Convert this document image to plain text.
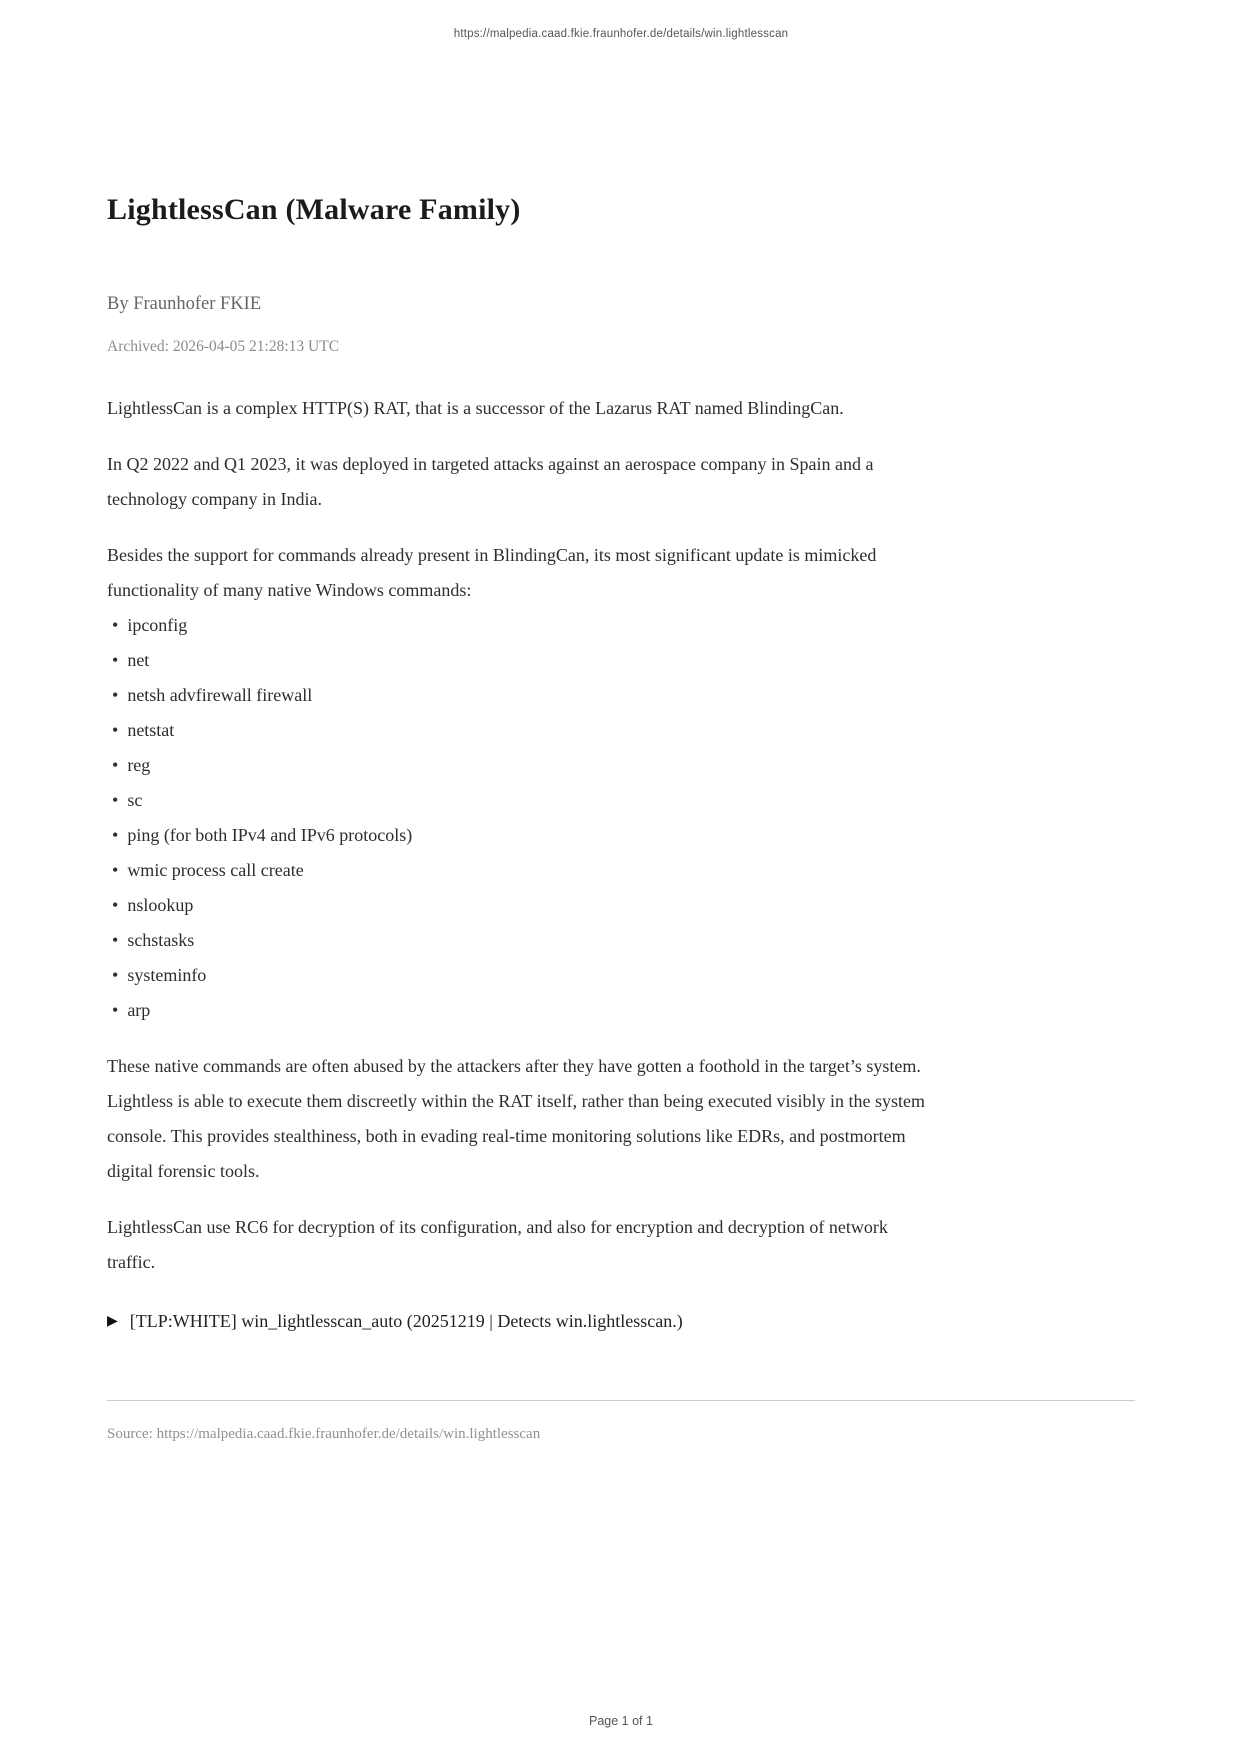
https://malpedia.caad.fkie.fraunhofer.de/details/win.lightlesscan
LightlessCan (Malware Family)
By Fraunhofer FKIE
Archived: 2026-04-05 21:28:13 UTC

LightlessCan is a complex HTTP(S) RAT, that is a successor of the Lazarus RAT named BlindingCan.

In Q2 2022 and Q1 2023, it was deployed in targeted attacks against an aerospace company in Spain and a
technology company in India.

Besides the support for commands already present in BlindingCan, its most significant update is mimicked
functionality of many native Windows commands:

• ipconfig
• net
• netsh advfirewall firewall
• netstat
• reg
• sc
• ping (for both IPv4 and IPv6 protocols)
• wmic process call create
• nslookup
• schstasks
• systeminfo
• arp

These native commands are often abused by the attackers after they have gotten a foothold in the target’s system.
Lightless is able to execute them discreetly within the RAT itself, rather than being executed visibly in the system
console. This provides stealthiness, both in evading real-time monitoring solutions like EDRs, and postmortem
digital forensic tools.

LightlessCan use RC6 for decryption of its configuration, and also for encryption and decryption of network
traffic.

▶ [TLP:WHITE] win_lightlesscan_auto (20251219 | Detects win.lightlesscan.)
Source: https://malpedia.caad.fkie.fraunhofer.de/details/win.lightlesscan
Page 1 of 1
